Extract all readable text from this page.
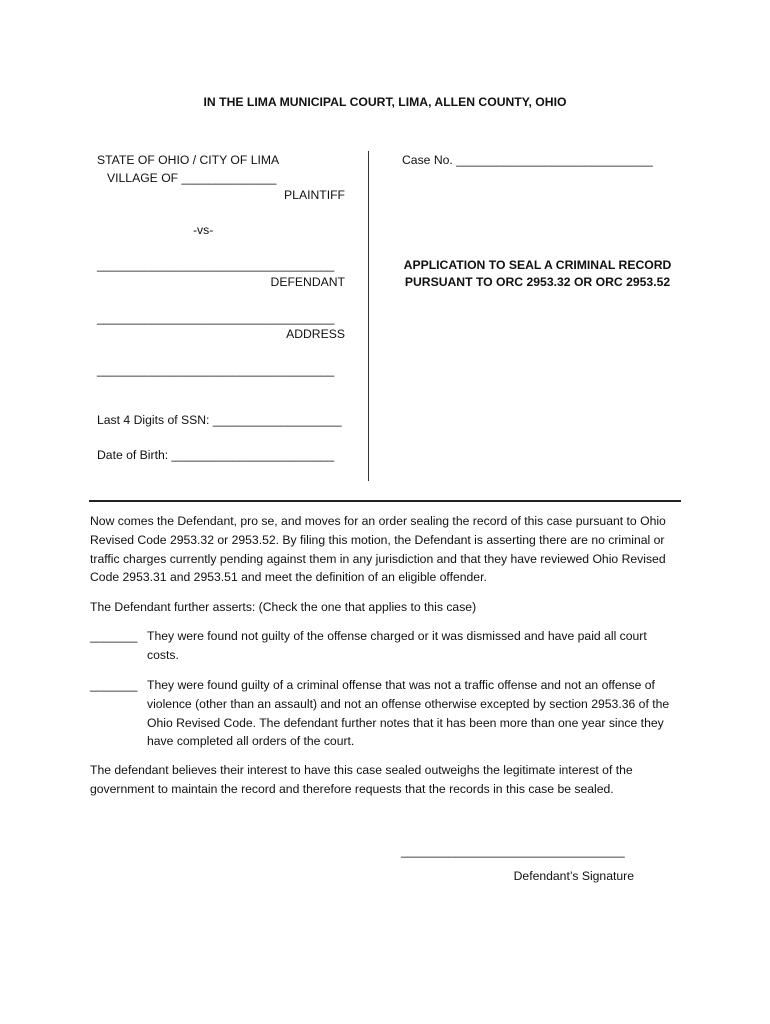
IN THE LIMA MUNICIPAL COURT, LIMA, ALLEN COUNTY, OHIO
STATE OF OHIO / CITY OF LIMA
VILLAGE OF ______________
PLAINTIFF
-vs-
___________________________________
DEFENDANT
___________________________________
ADDRESS
___________________________________
Last 4 Digits of SSN: ___________________
Date of Birth: ________________________
Case No. _____________________________
APPLICATION TO SEAL A CRIMINAL RECORD
PURSUANT TO ORC 2953.32 OR ORC 2953.52
Now comes the Defendant, pro se, and moves for an order sealing the record of this case pursuant to Ohio Revised Code 2953.32 or 2953.52. By filing this motion, the Defendant is asserting there are no criminal or traffic charges currently pending against them in any jurisdiction and that they have reviewed Ohio Revised Code 2953.31 and 2953.51 and meet the definition of an eligible offender.
The Defendant further asserts: (Check the one that applies to this case)
_______ They were found not guilty of the offense charged or it was dismissed and have paid all court costs.
_______ They were found guilty of a criminal offense that was not a traffic offense and not an offense of violence (other than an assault) and not an offense otherwise excepted by section 2953.36 of the Ohio Revised Code. The defendant further notes that it has been more than one year since they have completed all orders of the court.
The defendant believes their interest to have this case sealed outweighs the legitimate interest of the government to maintain the record and therefore requests that the records in this case be sealed.
_________________________________
Defendant’s Signature
